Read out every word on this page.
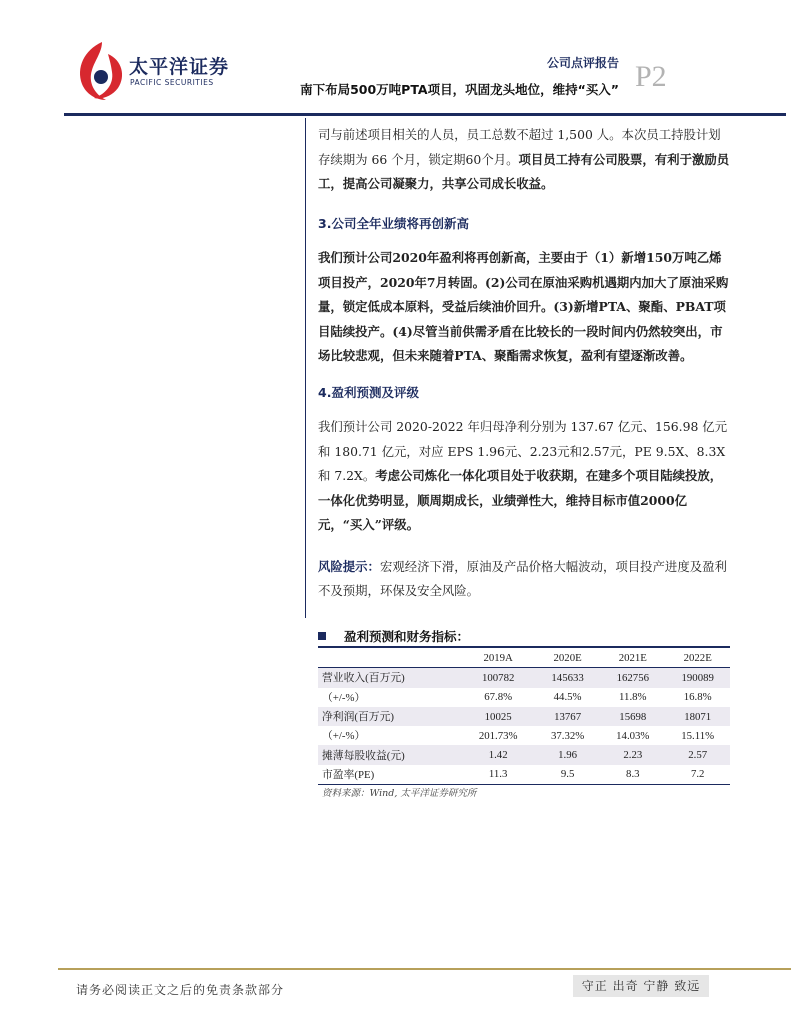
太平洋证券
PACIFIC SECURITIES
公司点评报告 P2
南下布局500万吨PTA项目，巩固龙头地位，维持“买入”

司与前述项目相关的人员，员工总数不超过 1,500 人。本次员工持股计划存续期为 66 个月，锁定期60个月。项目员工持有公司股票，有利于激励员工，提高公司凝聚力，共享公司成长收益。

3.公司全年业绩将再创新高

我们预计公司2020年盈利将再创新高，主要由于（1）新增150万吨乙烯项目投产，2020年7月转固。(2)公司在原油采购机遇期内加大了原油采购量，锁定低成本原料，受益后续油价回升。(3)新增PTA、聚酯、PBAT项目陆续投产。(4)尽管当前供需矛盾在比较长的一段时间内仍然较突出，市场比较悲观，但未来随着PTA、聚酯需求恢复，盈利有望逐渐改善。

4.盈利预测及评级

我们预计公司 2020-2022 年归母净利分别为 137.67 亿元、156.98 亿元和 180.71 亿元，对应 EPS 1.96元、2.23元和2.57元，PE 9.5X、8.3X 和 7.2X。考虑公司炼化一体化项目处于收获期，在建多个项目陆续投放，一体化优势明显，顺周期成长，业绩弹性大，维持目标市值2000亿元，“买入”评级。

风险提示：宏观经济下滑，原油及产品价格大幅波动，项目投产进度及盈利不及预期，环保及安全风险。

盈利预测和财务指标：
	2019A	2020E	2021E	2022E
营业收入(百万元)	100782	145633	162756	190089
（+/-%）	67.8%	44.5%	11.8%	16.8%
净利润(百万元)	10025	13767	15698	18071
（+/-%）	201.73%	37.32%	14.03%	15.11%
摊薄每股收益(元)	1.42	1.96	2.23	2.57
市盈率(PE)	11.3	9.5	8.3	7.2
资料来源：Wind, 太平洋证券研究所
请务必阅读正文之后的免责条款部分	守正 出奇 宁静 致远
